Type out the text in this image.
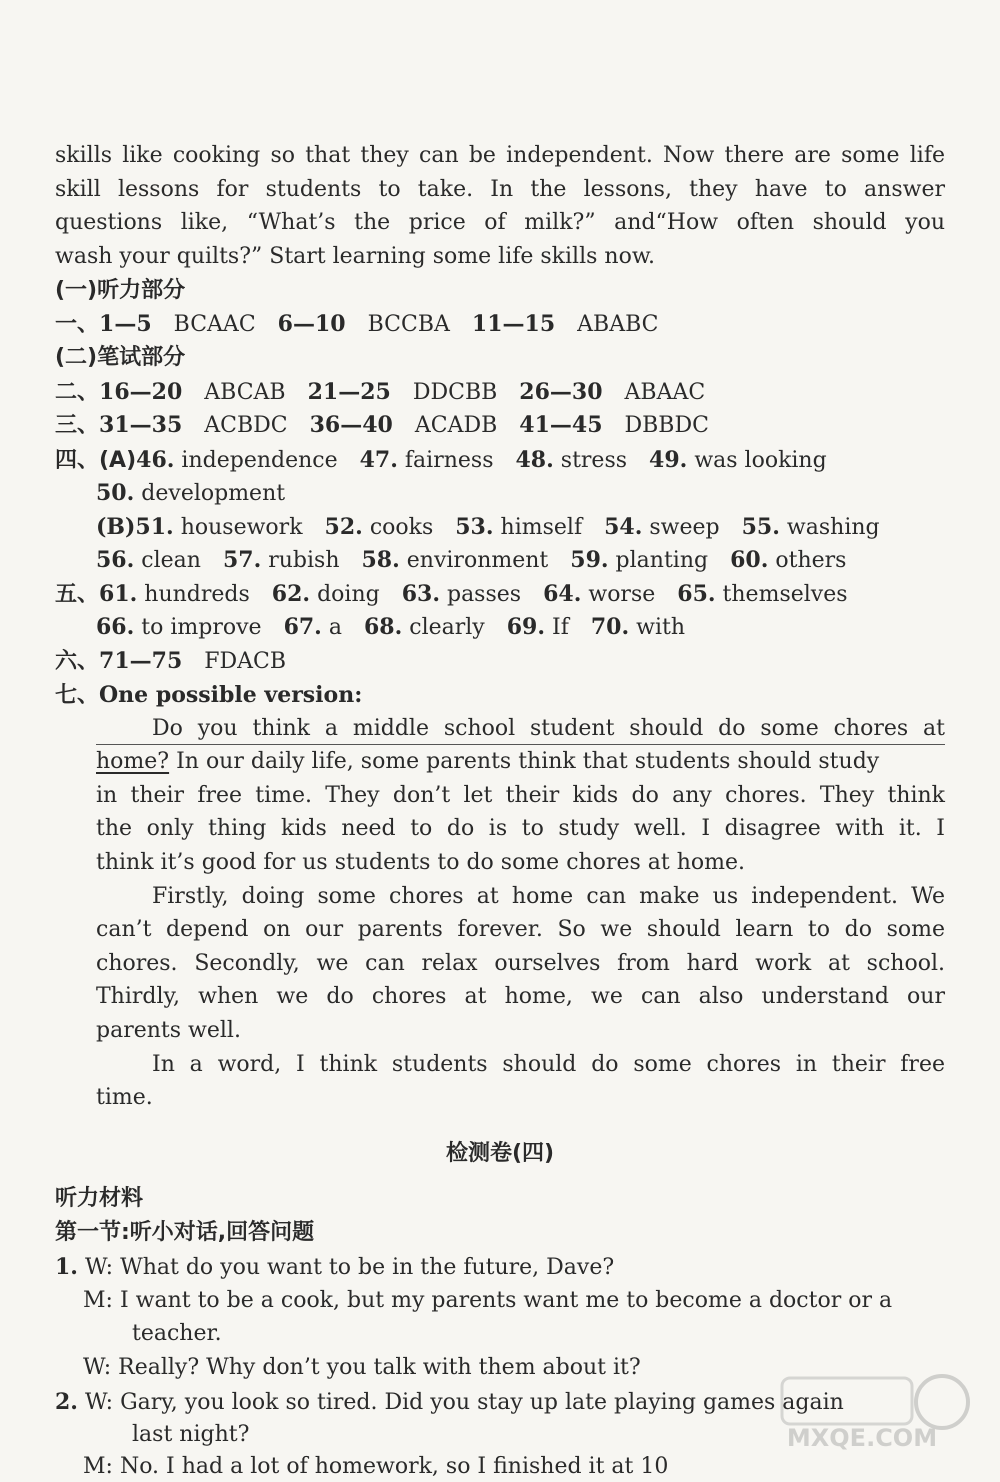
skills like cooking so that they can be independent. Now there are some life
skill lessons for students to take. In the lessons, they have to answer
questions like, “What’s the price of milk?” and“How often should you
wash your quilts?” Start learning some life skills now.
(一)听力部分
一、1—5 BCAAC 6—10 BCCBA 11—15 ABABC
(二)笔试部分
二、16—20 ABCAB 21—25 DDCBB 26—30 ABAAC
三、31—35 ACBDC 36—40 ACADB 41—45 DBBDC
四、(A)46. independence 47. fairness 48. stress 49. was looking
50. development
(B)51. housework 52. cooks 53. himself 54. sweep 55. washing
56. clean 57. rubish 58. environment 59. planting 60. others
五、61. hundreds 62. doing 63. passes 64. worse 65. themselves
66. to improve 67. a 68. clearly 69. If 70. with
六、71—75 FDACB
七、One possible version:
Do you think a middle school student should do some chores at
home? In our daily life, some parents think that students should study
in their free time. They don’t let their kids do any chores. They think
the only thing kids need to do is to study well. I disagree with it. I
think it’s good for us students to do some chores at home.
Firstly, doing some chores at home can make us independent. We
can’t depend on our parents forever. So we should learn to do some
chores. Secondly, we can relax ourselves from hard work at school.
Thirdly, when we do chores at home, we can also understand our
parents well.
In a word, I think students should do some chores in their free
time.
检测卷(四)
听力材料
第一节:听小对话,回答问题
1. W: What do you want to be in the future, Dave?
M: I want to be a cook, but my parents want me to become a doctor or a
teacher.
W: Really? Why don’t you talk with them about it?
2. W: Gary, you look so tired. Did you stay up late playing games again
last night?
M: No. I had a lot of homework, so I finished it at 10
MXQE.COM
